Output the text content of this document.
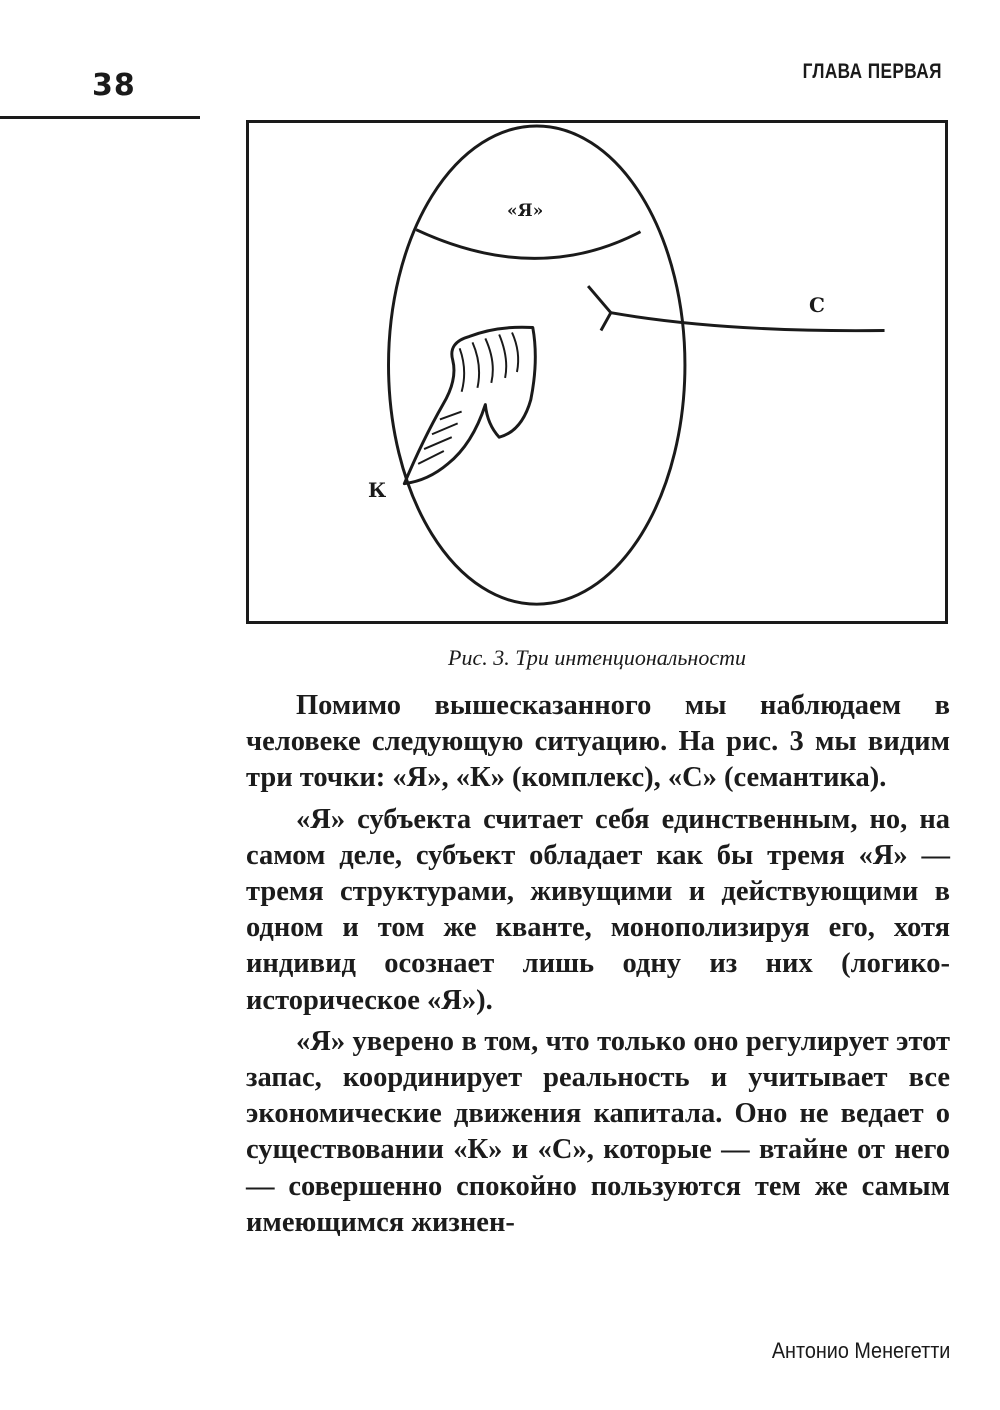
38	ГЛАВА ПЕРВАЯ
«Я»
С
К
Рис. 3. Три интенциональности

Помимо вышесказанного мы наблюдаем в человеке следующую ситуацию. На рис. 3 мы видим три точки: «Я», «К» (комплекс), «С» (семантика).

«Я» субъекта считает себя единственным, но, на самом деле, субъект обладает как бы тремя «Я» — тремя структурами, живущими и действующими в одном и том же кванте, монополизируя его, хотя индивид осознает лишь одну из них (логико-историческое «Я»).

«Я» уверено в том, что только оно регулирует этот запас, координирует реальность и учитывает все экономические движения капитала. Оно не ведает о существовании «К» и «С», которые — втайне от него — совершенно спокойно пользуются тем же самым имеющимся жизнен-

Антонио Менегетти
